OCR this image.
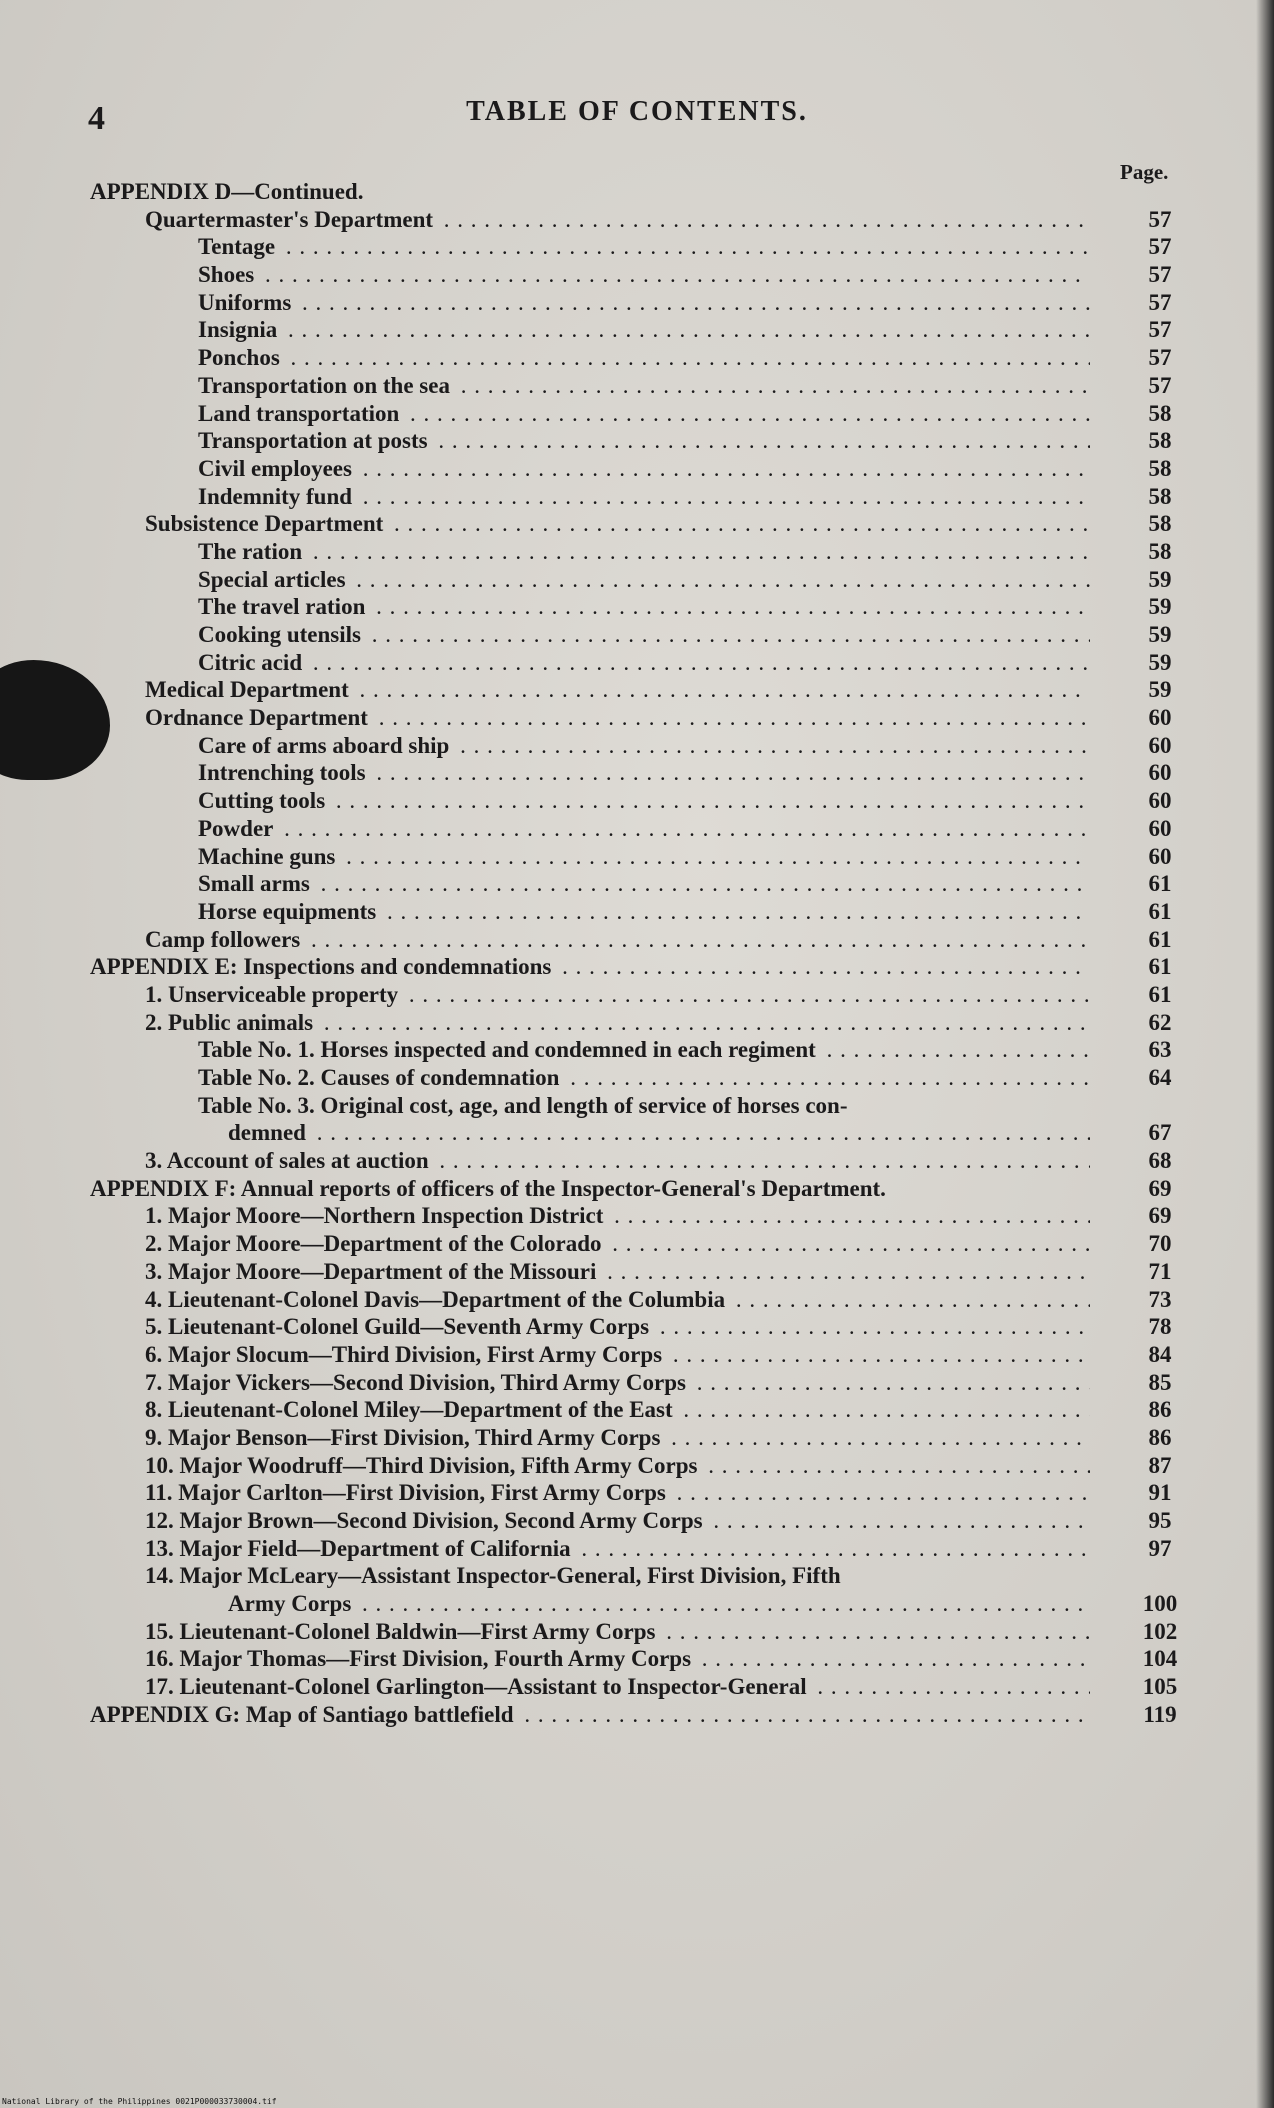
4	TABLE OF CONTENTS.
Page.
APPENDIX D—Continued.
Quartermaster's Department . . .	57
Tentage . . .	57
Shoes . . .	57
Uniforms . . .	57
Insignia . . .	57
Ponchos . . .	57
Transportation on the sea . . .	57
Land transportation . . .	58
Transportation at posts . . .	58
Civil employees . . .	58
Indemnity fund . . .	58
Subsistence Department . . .	58
The ration . . .	58
Special articles . . .	59
The travel ration . . .	59
Cooking utensils . . .	59
Citric acid . . .	59
Medical Department . . .	59
Ordnance Department . . .	60
Care of arms aboard ship . . .	60
Intrenching tools . . .	60
Cutting tools . . .	60
Powder . . .	60
Machine guns . . .	60
Small arms . . .	61
Horse equipments . . .	61
Camp followers . . .	61
APPENDIX E: Inspections and condemnations . . .	61
1. Unserviceable property . . .	61
2. Public animals . . .	62
Table No. 1. Horses inspected and condemned in each regiment . . .	63
Table No. 2. Causes of condemnation . . .	64
Table No. 3. Original cost, age, and length of service of horses con-
demned . . .	67
3. Account of sales at auction . . .	68
APPENDIX F: Annual reports of officers of the Inspector-General's Department.	69
1. Major Moore—Northern Inspection District . . .	69
2. Major Moore—Department of the Colorado . . .	70
3. Major Moore—Department of the Missouri . . .	71
4. Lieutenant-Colonel Davis—Department of the Columbia . . .	73
5. Lieutenant-Colonel Guild—Seventh Army Corps . . .	78
6. Major Slocum—Third Division, First Army Corps . . .	84
7. Major Vickers—Second Division, Third Army Corps . . .	85
8. Lieutenant-Colonel Miley—Department of the East . . .	86
9. Major Benson—First Division, Third Army Corps . . .	86
10. Major Woodruff—Third Division, Fifth Army Corps . . .	87
11. Major Carlton—First Division, First Army Corps . . .	91
12. Major Brown—Second Division, Second Army Corps . . .	95
13. Major Field—Department of California . . .	97
14. Major McLeary—Assistant Inspector-General, First Division, Fifth
Army Corps . . .	100
15. Lieutenant-Colonel Baldwin—First Army Corps . . .	102
16. Major Thomas—First Division, Fourth Army Corps . . .	104
17. Lieutenant-Colonel Garlington—Assistant to Inspector-General . . .	105
APPENDIX G: Map of Santiago battlefield . . .	119
National Library of the Philippines 0021P000033730004.tif
